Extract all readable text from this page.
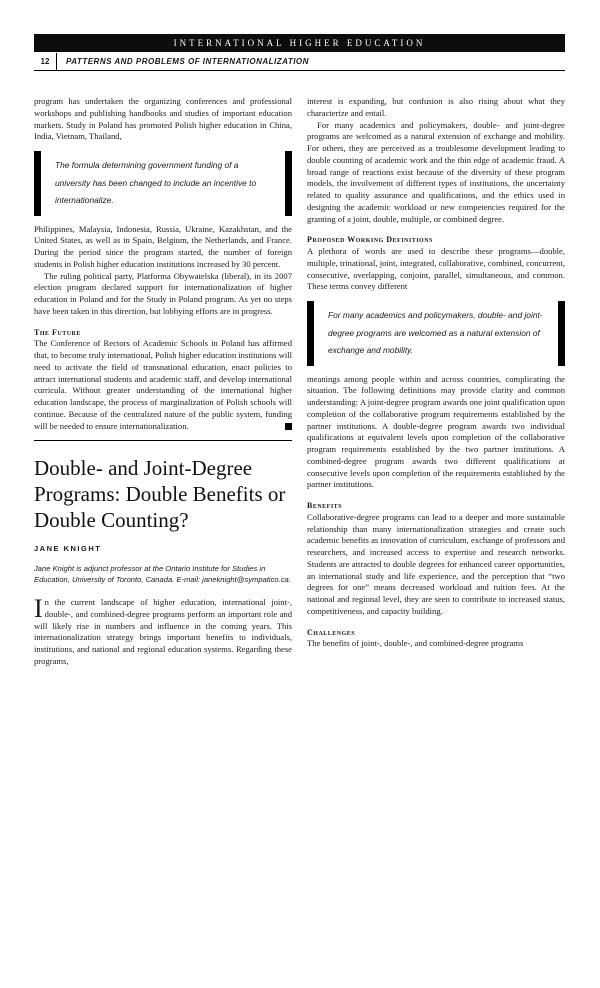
INTERNATIONAL HIGHER EDUCATION
12	PATTERNS AND PROBLEMS OF INTERNATIONALIZATION

program has undertaken the organizing conferences and professional workshops and publishing handbooks and studies of important education markets. Study in Poland has promoted Polish higher education in China, India, Vietnam, Thailand,

The formula determining government funding of a university has been changed to include an incentive to internationalize.

Philippines, Malaysia, Indonesia, Russia, Ukraine, Kazakhstan, and the United States, as well as in Spain, Belgium, the Netherlands, and France. During the period since the program started, the number of foreign students in Polish higher education institutions increased by 30 percent.

The ruling political party, Platforma Obywatelska (liberal), in its 2007 election program declared support for internationalization of higher education in Poland and for the Study in Poland program. As yet no steps have been taken in this direction, but lobbying efforts are in progress.

The Future

The Conference of Rectors of Academic Schools in Poland has affirmed that, to become truly international, Polish higher education institutions will need to activate the field of transnational education, enact policies to attract international students and academic staff, and develop international curricula. Without greater understanding of the international higher education landscape, the process of marginalization of Polish schools will continue. Because of the centralized nature of the public system, funding will be needed to ensure internationalization.

Double- and Joint-Degree Programs: Double Benefits or Double Counting?
JANE KNIGHT
Jane Knight is adjunct professor at the Ontario Institute for Studies in Education, University of Toronto, Canada. E-mail: janeknight@sympatico.ca.

In the current landscape of higher education, international joint-, double-, and combined-degree programs perform an important role and will likely rise in numbers and influence in the coming years. This internationalization strategy brings important benefits to individuals, institutions, and national and regional education systems. Regarding these programs,

interest is expanding, but confusion is also rising about what they characterize and entail.

For many academics and policymakers, double- and joint-degree programs are welcomed as a natural extension of exchange and mobility. For others, they are perceived as a troublesome development leading to double counting of academic work and the thin edge of academic fraud. A broad range of reactions exist because of the diversity of these program models, the involvement of different types of institutions, the uncertainty related to quality assurance and qualifications, and the ethics used in designing the academic workload or new competencies required for the granting of a joint, double, multiple, or combined degree.

Proposed Working Definitions

A plethora of words are used to describe these programs—double, multiple, trinational, joint, integrated, collaborative, combined, concurrent, consecutive, overlapping, conjoint, parallel, simultaneous, and common. These terms convey different

For many academics and policymakers, double- and joint-degree programs are welcomed as a natural extension of exchange and mobility.

meanings among people within and across countries, complicating the situation. The following definitions may provide clarity and common understanding: A joint-degree program awards one joint qualification upon completion of the collaborative program requirements established by the partner institutions. A double-degree program awards two individual qualifications at equivalent levels upon completion of the collaborative program requirements established by the two partner institutions. A combined-degree program awards two different qualifications at consecutive levels upon completion of the requirements established by the partner institutions.

Benefits

Collaborative-degree programs can lead to a deeper and more sustainable relationship than many internationalization strategies and create such academic benefits as innovation of curriculum, exchange of professors and researchers, and increased access to expertise and research networks. Students are attracted to double degrees for enhanced career opportunities, an international study and life experience, and the perception that “two degrees for one” means decreased workload and tuition fees. At the national and regional level, they are seen to contribute to increased status, competitiveness, and capacity building.

Challenges

The benefits of joint-, double-, and combined-degree programs
